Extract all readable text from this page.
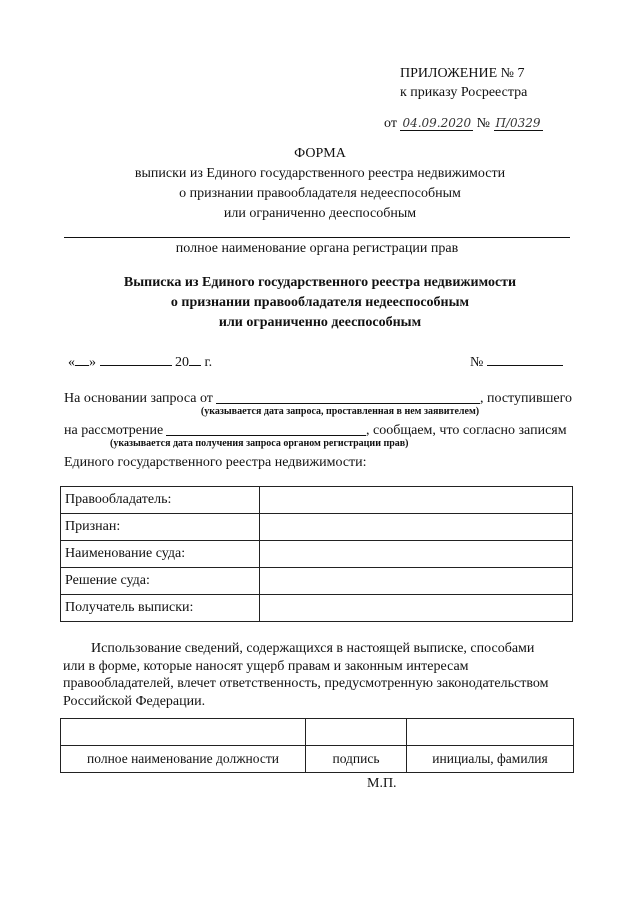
ПРИЛОЖЕНИЕ № 7
к приказу Росреестра
от 04.09.2020 № П/0329
ФОРМА
выписки из Единого государственного реестра недвижимости
о признании правообладателя недееспособным
или ограниченно дееспособным
полное наименование органа регистрации прав
Выписка из Единого государственного реестра недвижимости
о признании правообладателя недееспособным
или ограниченно дееспособным
« »	20 г.	№
На основании запроса от	, поступившего
(указывается дата запроса, проставленная в нем заявителем)
на рассмотрение	, сообщаем, что согласно записям
(указывается дата получения запроса органом регистрации прав)
Единого государственного реестра недвижимости:
Правообладатель:	
Признан:	
Наименование суда:	
Решение суда:	
Получатель выписки:	
Использование сведений, содержащихся в настоящей выписке, способами
или в форме, которые наносят ущерб правам и законным интересам
правообладателей, влечет ответственность, предусмотренную законодательством
Российской Федерации.

полное наименование должности	подпись	инициалы, фамилия
М.П.
